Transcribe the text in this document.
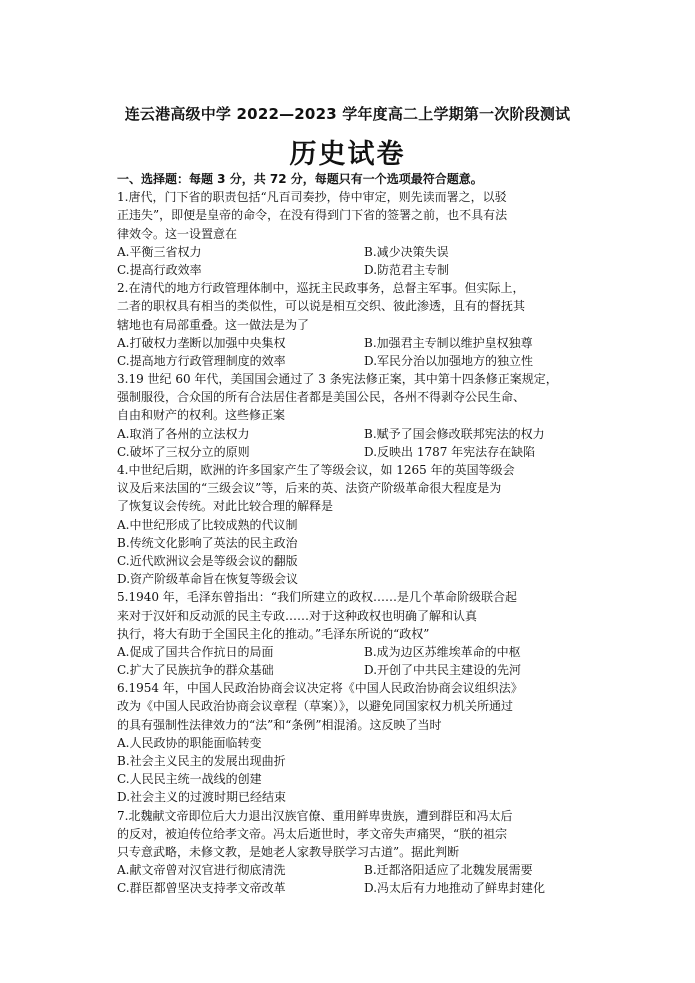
连云港高级中学 2022—2023 学年度高二上学期第一次阶段测试
历史试卷
一、选择题：每题 3 分，共 72 分，每题只有一个选项最符合题意。
1.唐代，门下省的职责包括“凡百司奏抄，侍中审定，则先读而署之，以驳
正违失”，即便是皇帝的命令，在没有得到门下省的签署之前，也不具有法
律效令。这一设置意在
A.平衡三省权力	B.减少决策失误
C.提高行政效率	D.防范君主专制
2.在清代的地方行政管理体制中，巡抚主民政事务，总督主军事。但实际上，
二者的职权具有相当的类似性，可以说是相互交织、彼此渗透，且有的督抚其
辖地也有局部重叠。这一做法是为了
A.打破权力垄断以加强中央集权	B.加强君主专制以维护皇权独尊
C.提高地方行政管理制度的效率	D.军民分治以加强地方的独立性
3.19 世纪 60 年代，美国国会通过了 3 条宪法修正案，其中第十四条修正案规定，
强制服役，合众国的所有合法居住者都是美国公民，各州不得剥夺公民生命、
自由和财产的权利。这些修正案
A.取消了各州的立法权力	B.赋予了国会修改联邦宪法的权力
C.破坏了三权分立的原则	D.反映出 1787 年宪法存在缺陷
4.中世纪后期，欧洲的许多国家产生了等级会议，如 1265 年的英国等级会
议及后来法国的“三级会议”等，后来的英、法资产阶级革命很大程度是为
了恢复议会传统。对此比较合理的解释是
A.中世纪形成了比较成熟的代议制
B.传统文化影响了英法的民主政治
C.近代欧洲议会是等级会议的翻版
D.资产阶级革命旨在恢复等级会议
5.1940 年，毛泽东曾指出：“我们所建立的政权……是几个革命阶级联合起
来对于汉奸和反动派的民主专政……对于这种政权也明确了解和认真
执行，将大有助于全国民主化的推动。”毛泽东所说的“政权”
A.促成了国共合作抗日的局面	B.成为边区苏维埃革命的中枢
C.扩大了民族抗争的群众基础	D.开创了中共民主建设的先河
6.1954 年，中国人民政治协商会议决定将《中国人民政治协商会议组织法》
改为《中国人民政治协商会议章程（草案）》，以避免同国家权力机关所通过
的具有强制性法律效力的“法”和“条例”相混淆。这反映了当时
A.人民政协的职能面临转变
B.社会主义民主的发展出现曲折
C.人民民主统一战线的创建
D.社会主义的过渡时期已经结束
7.北魏献文帝即位后大力退出汉族官僚、重用鲜卑贵族，遭到群臣和冯太后
的反对，被迫传位给孝文帝。冯太后逝世时，孝文帝失声痛哭，“朕的祖宗
只专意武略，未修文教，是她老人家教导朕学习古道”。据此判断
A.献文帝曾对汉官进行彻底清洗	B.迁都洛阳适应了北魏发展需要
C.群臣都曾坚决支持孝文帝改革	D.冯太后有力地推动了鲜卑封建化
